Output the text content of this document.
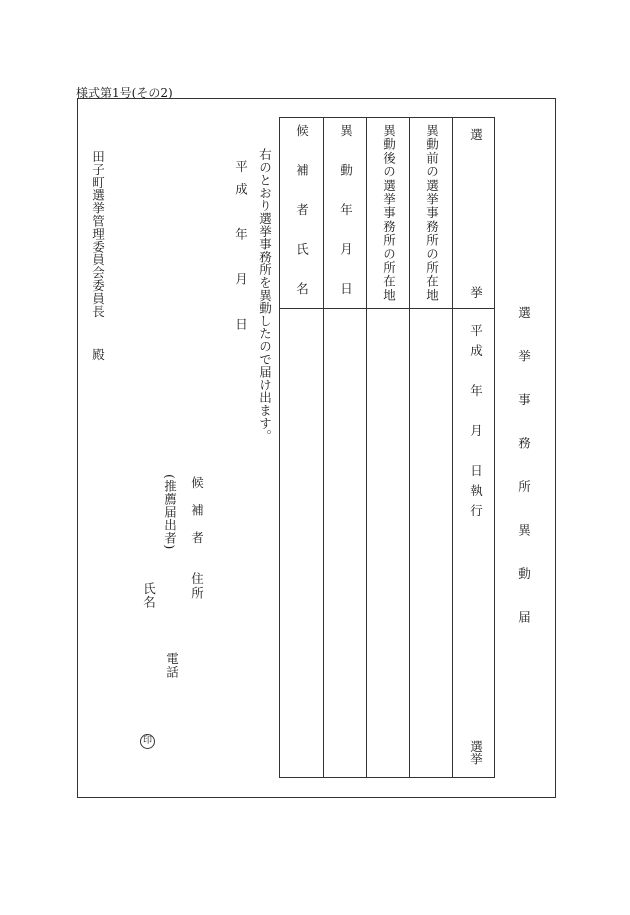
様式第1号(その2)
選
挙
平成　年　月　日執行
選挙
異動前の選挙事務所の所在地
異動後の選挙事務所の所在地
異動年月日
候補者氏名
選挙事務所異動届
右のとおり選挙事務所を異動したので届け出ます。
平成　年　月　日
候補者
(推薦届出者)
住所
氏名
電話
印
田子町選挙管理委員会委員長
殿
